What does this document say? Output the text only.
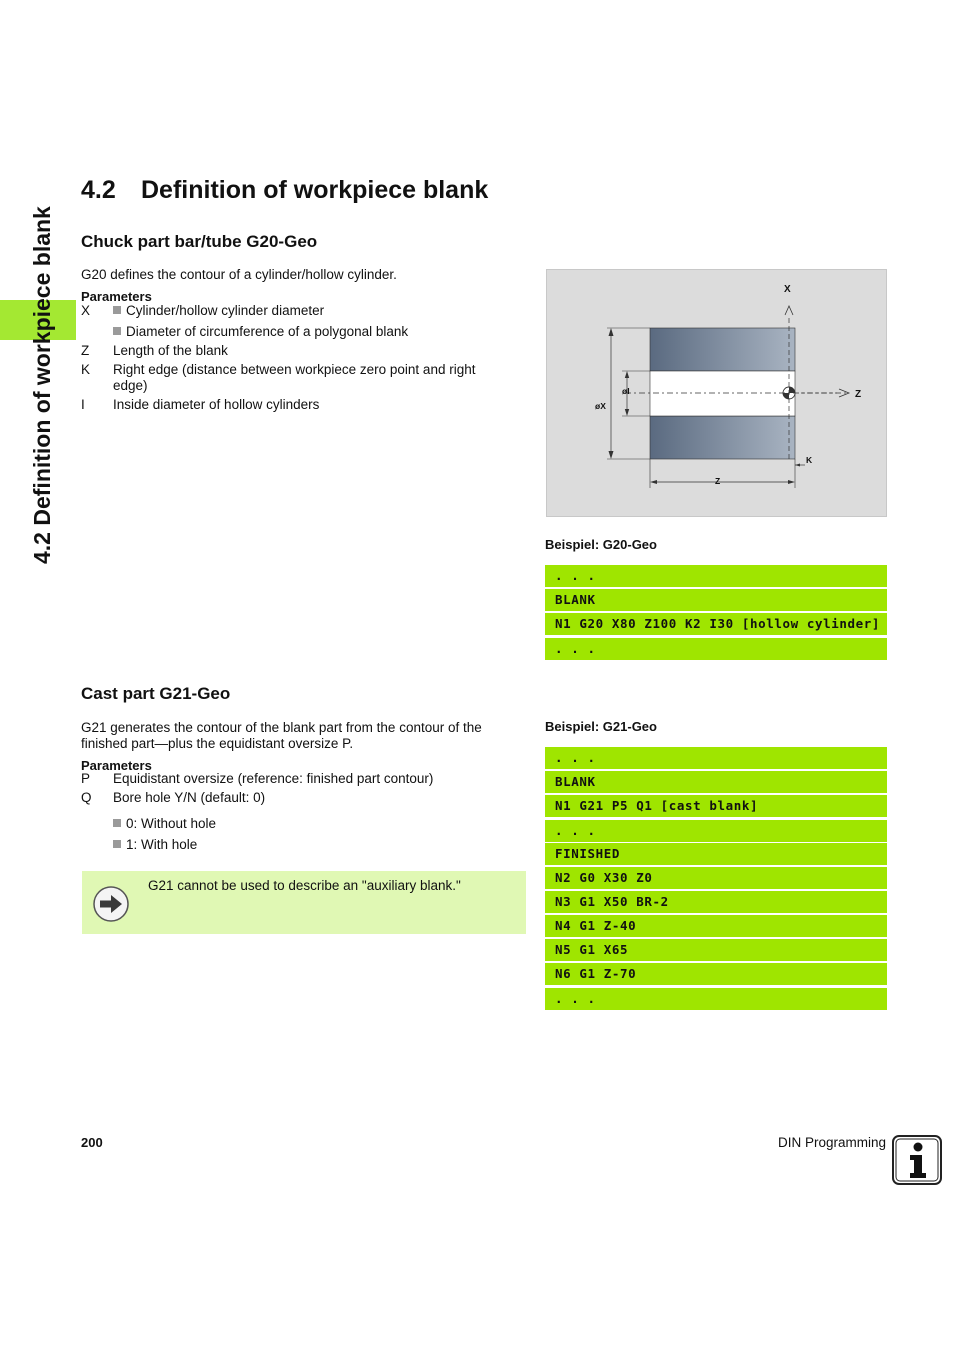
4.2 Definition of workpiece blank
4.2 Definition of workpiece blank
Chuck part bar/tube G20-Geo
G20 defines the contour of a cylinder/hollow cylinder.
Parameters
X	Cylinder/hollow cylinder diameter
Diameter of circumference of a polygonal blank
Z	Length of the blank
K	Right edge (distance between workpiece zero point and right edge)
I	Inside diameter of hollow cylinders	øX
øI
X
Z
Z
K
Beispiel: G20-Geo
. . .
BLANK
N1 G20 X80 Z100 K2 I30 [hollow cylinder]
. . .
Cast part G21-Geo
G21 generates the contour of the blank part from the contour of the finished part—plus the equidistant oversize P.
Parameters
P	Equidistant oversize (reference: finished part contour)
Q	Bore hole Y/N (default: 0)
0: Without hole
1: With hole
G21 cannot be used to describe an "auxiliary blank."
Beispiel: G21-Geo
. . .
BLANK
N1 G21 P5 Q1 [cast blank]
. . .
FINISHED
N2 G0 X30 Z0
N3 G1 X50 BR-2
N4 G1 Z-40
N5 G1 X65
N6 G1 Z-70
. . .
200	DIN Programming
